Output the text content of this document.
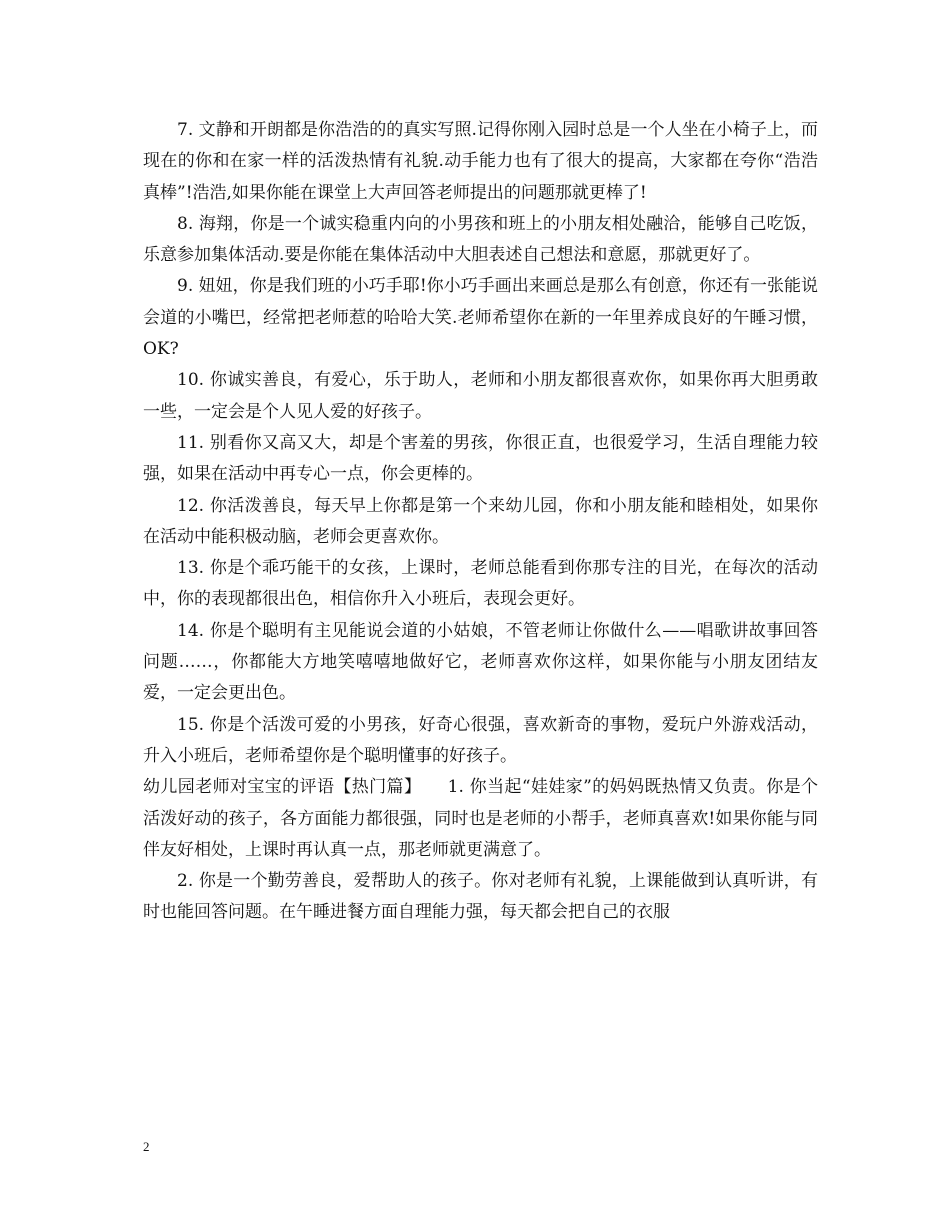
7. 文静和开朗都是你浩浩的的真实写照.记得你刚入园时总是一个人坐在小椅子上，而现在的你和在家一样的活泼热情有礼貌.动手能力也有了很大的提高，大家都在夸你“浩浩真棒”!浩浩,如果你能在课堂上大声回答老师提出的问题那就更棒了!

8. 海翔，你是一个诚实稳重内向的小男孩和班上的小朋友相处融洽，能够自己吃饭，乐意参加集体活动.要是你能在集体活动中大胆表述自己想法和意愿，那就更好了。

9. 妞妞，你是我们班的小巧手耶!你小巧手画出来画总是那么有创意，你还有一张能说会道的小嘴巴，经常把老师惹的哈哈大笑.老师希望你在新的一年里养成良好的午睡习惯，OK?

10. 你诚实善良，有爱心，乐于助人，老师和小朋友都很喜欢你，如果你再大胆勇敢一些，一定会是个人见人爱的好孩子。

11. 别看你又高又大，却是个害羞的男孩，你很正直，也很爱学习，生活自理能力较强，如果在活动中再专心一点，你会更棒的。

12. 你活泼善良，每天早上你都是第一个来幼儿园，你和小朋友能和睦相处，如果你在活动中能积极动脑，老师会更喜欢你。

13. 你是个乖巧能干的女孩，上课时，老师总能看到你那专注的目光，在每次的活动中，你的表现都很出色，相信你升入小班后，表现会更好。

14. 你是个聪明有主见能说会道的小姑娘，不管老师让你做什么——唱歌讲故事回答问题……，你都能大方地笑嘻嘻地做好它，老师喜欢你这样，如果你能与小朋友团结友爱，一定会更出色。

15. 你是个活泼可爱的小男孩，好奇心很强，喜欢新奇的事物，爱玩户外游戏活动，升入小班后，老师希望你是个聪明懂事的好孩子。

幼儿园老师对宝宝的评语【热门篇】　　1. 你当起“娃娃家”的妈妈既热情又负责。你是个活泼好动的孩子，各方面能力都很强，同时也是老师的小帮手，老师真喜欢!如果你能与同伴友好相处，上课时再认真一点，那老师就更满意了。

2. 你是一个勤劳善良，爱帮助人的孩子。你对老师有礼貌，上课能做到认真听讲，有时也能回答问题。在午睡进餐方面自理能力强，每天都会把自己的衣服

2
